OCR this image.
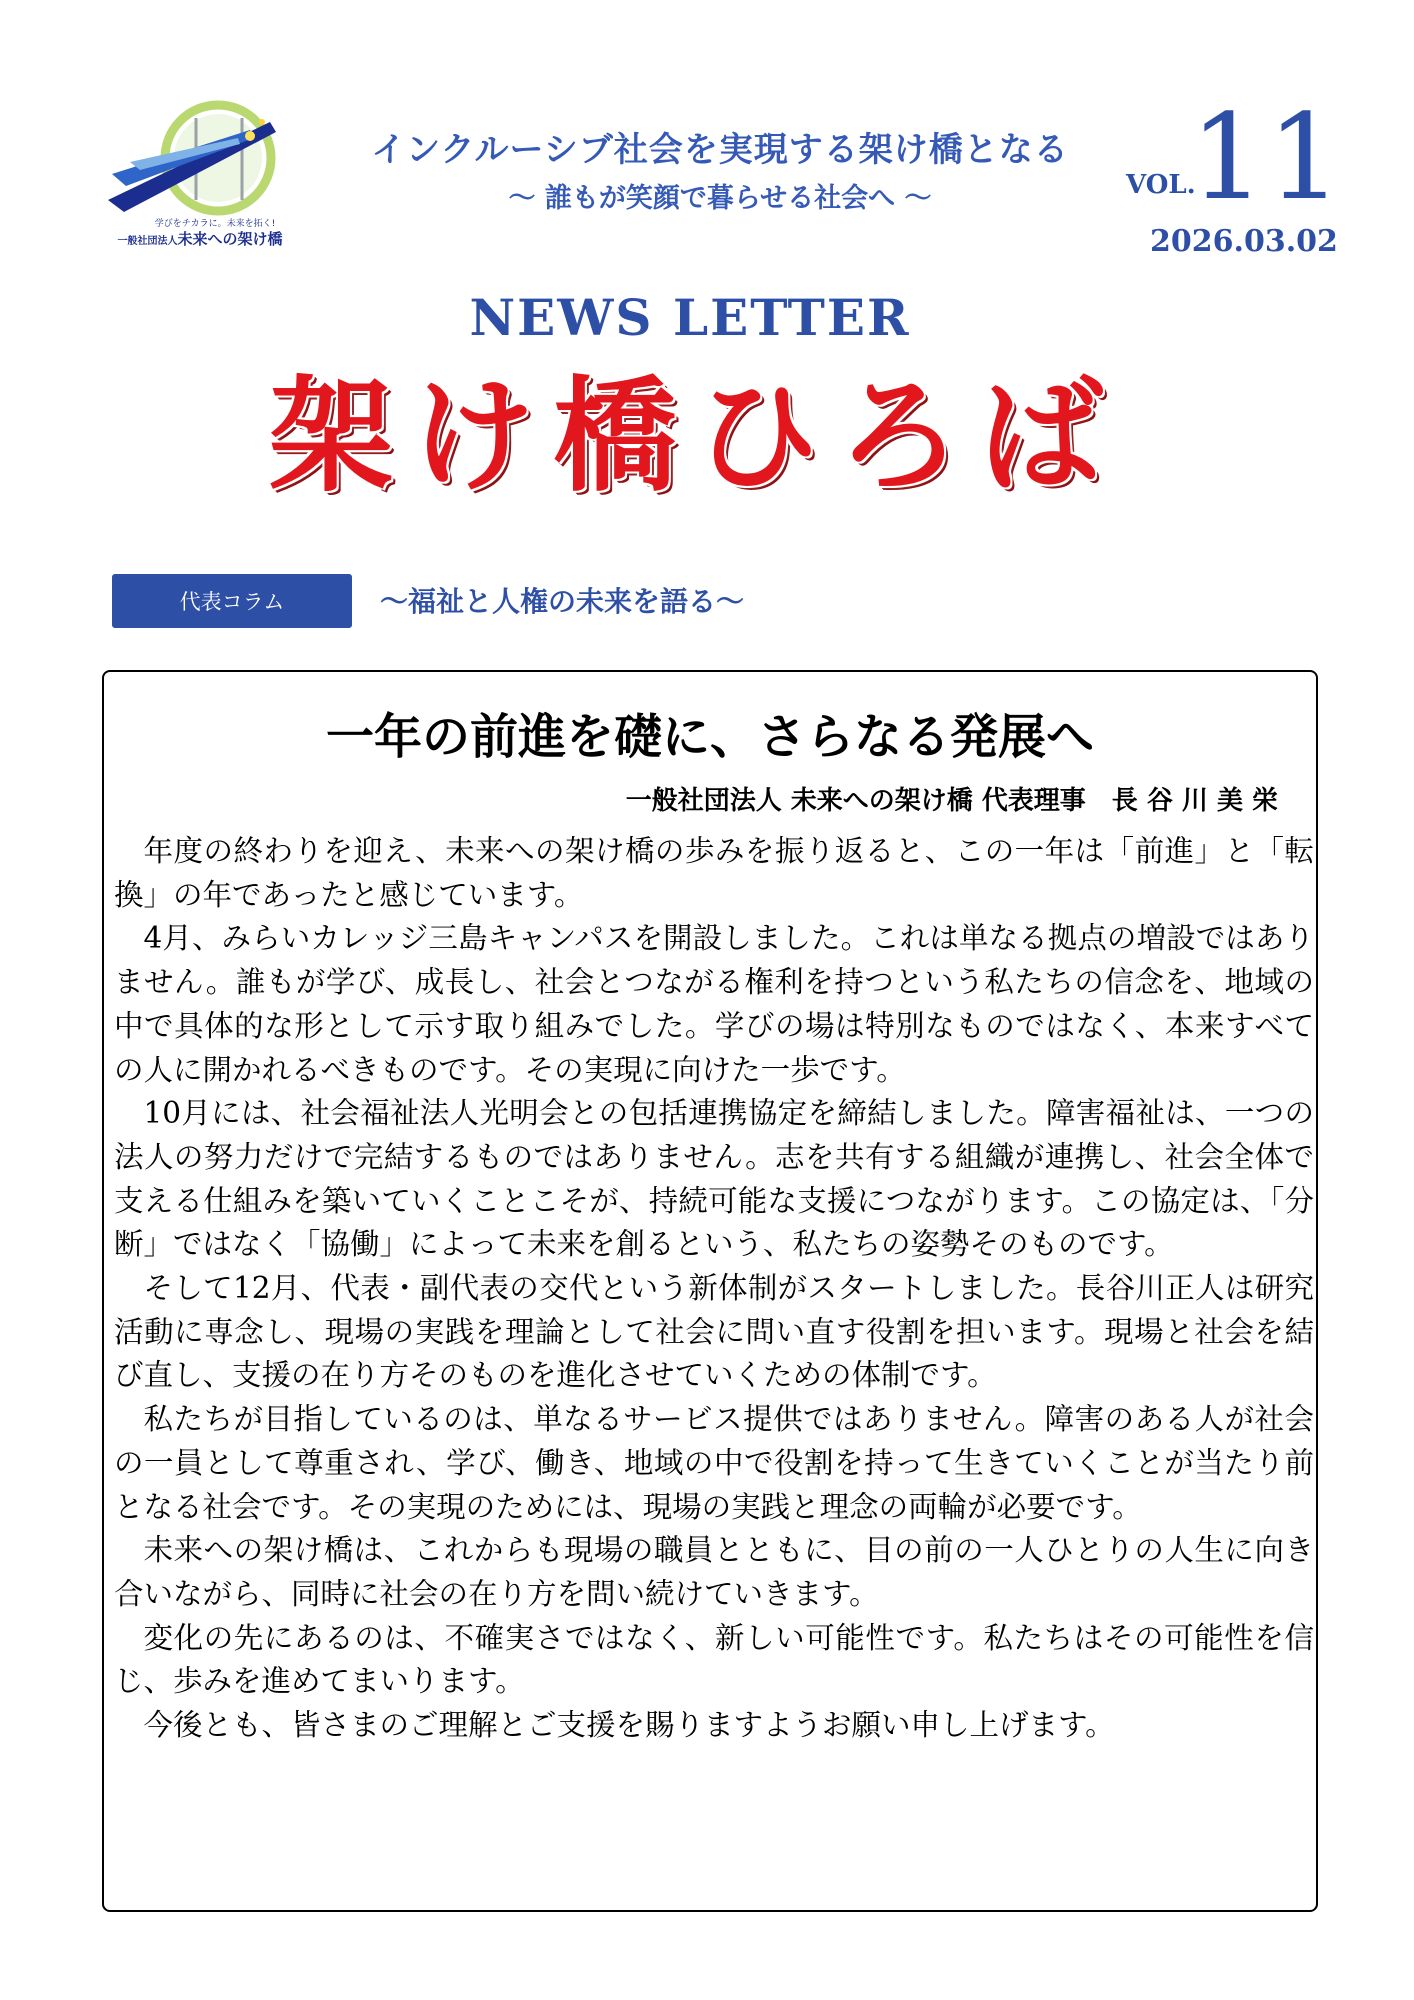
学びをチカラに。未来を拓く!
一般社団法人未来への架け橋
インクルーシブ社会を実現する架け橋となる
～ 誰もが笑顔で暮らせる社会へ ～	VOL.
11
2026.03.02
NEWS LETTER
架け橋ひろば
代表コラム	～福祉と人権の未来を語る～
一年の前進を礎に、さらなる発展へ
一般社団法人 未来への架け橋 代表理事　長 谷 川 美 栄

年度の終わりを迎え、未来への架け橋の歩みを振り返ると、この一年は「前進」と「転換」の年であったと感じています。

4月、みらいカレッジ三島キャンパスを開設しました。これは単なる拠点の増設ではありません。誰もが学び、成長し、社会とつながる権利を持つという私たちの信念を、地域の中で具体的な形として示す取り組みでした。学びの場は特別なものではなく、本来すべての人に開かれるべきものです。その実現に向けた一歩です。

10月には、社会福祉法人光明会との包括連携協定を締結しました。障害福祉は、一つの法人の努力だけで完結するものではありません。志を共有する組織が連携し、社会全体で支える仕組みを築いていくことこそが、持続可能な支援につながります。この協定は、「分断」ではなく「協働」によって未来を創るという、私たちの姿勢そのものです。

そして12月、代表・副代表の交代という新体制がスタートしました。長谷川正人は研究活動に専念し、現場の実践を理論として社会に問い直す役割を担います。現場と社会を結び直し、支援の在り方そのものを進化させていくための体制です。

私たちが目指しているのは、単なるサービス提供ではありません。障害のある人が社会の一員として尊重され、学び、働き、地域の中で役割を持って生きていくことが当たり前となる社会です。その実現のためには、現場の実践と理念の両輪が必要です。

未来への架け橋は、これからも現場の職員とともに、目の前の一人ひとりの人生に向き合いながら、同時に社会の在り方を問い続けていきます。

変化の先にあるのは、不確実さではなく、新しい可能性です。私たちはその可能性を信じ、歩みを進めてまいります。

今後とも、皆さまのご理解とご支援を賜りますようお願い申し上げます。
